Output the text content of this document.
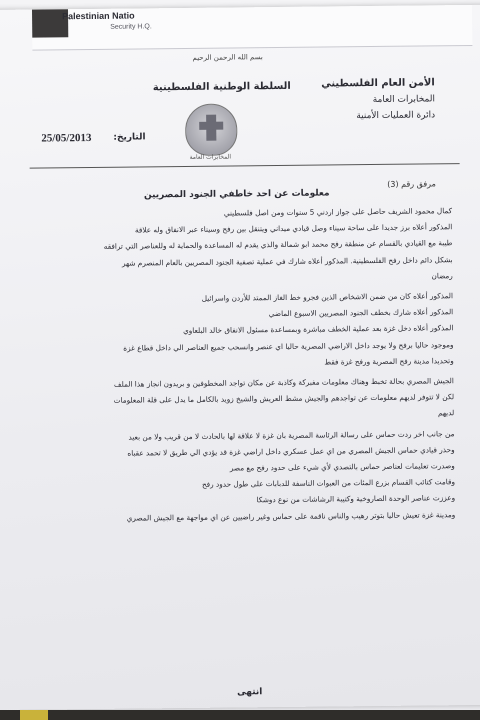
Palestinian Natio
Security H.Q.
بسم الله الرحمن الرحيم
الأمن العام الفلسطيني
المخابرات العامة
دائرة العمليات الأمنية
السلطة الوطنية الفلسطينية
المخابرات العامة
التاريخ:
25/05/2013
مرفق رقم (3)
معلومات عن احد خاطفي الجنود المصريين

كمال محمود الشريف حاصل على جواز اردني 5 سنوات ومن اصل فلسطيني

المذكور أعلاه برز جديدا على ساحة سيناء وصل قيادي ميداني ويتنقل بين رفح وسيناء عبر الانفاق وله علاقة

طيبة مع القيادي بالقسام عن منطقة رفح محمد ابو شمالة والذي يقدم له المساعدة والحماية له وللعناصر التي ترافقه

بشكل دائم داخل رفح الفلسطينية. المذكور أعلاه شارك في عملية تصفية الجنود المصريين بالعام المنصرم شهر

رمضان

المذكور أعلاه كان من ضمن الاشخاص الذين فجرو خط الغاز الممتد للأردن واسرائيل

المذكور أعلاه شارك بخطف الجنود المصريين الاسبوع الماضي

المذكور أعلاه دخل غزة بعد عملية الخطف مباشرة وبمساعدة مسئول الانفاق خالد البلعاوي

وموجود حاليا برفح ولا يوجد داخل الاراضي المصرية حاليا اي عنصر وانسحب جميع العناصر الي داخل قطاع غزة

وتحديدا مدينة رفح المصرية ورفح غزة فقط

الجيش المصري بحالة تخبط وهناك معلومات مفبركة وكاذبة عن مكان تواجد المخطوفين و بريدون انجاز هذا الملف

لكن لا تتوفر لديهم معلومات عن تواجدهم والجيش مشط العريش والشيخ زويد بالكامل ما يدل على قلة المعلومات

لديهم

من جانب اخر ردت حماس على رسالة الرئاسة المصرية بان غزة لا علاقة لها بالحادث لا من قريب ولا من بعيد

وحذر قيادي حماس الجيش المصري من اي عمل عسكري داخل اراضي غزة قد يؤدي الي طريق لا تحمد عقباه

وصدرت تعليمات لعناصر حماس بالتصدي لأي شيء على حدود رفح مع مصر

وقامت كتائب القسام بزرع المئات من العبوات الناسفة للدبابات على طول حدود رفح

وعززت عناصر الوحدة الصاروخية وكتيبة الرشاشات من نوع دوشكا

ومدينة غزة تعيش حاليا بتوتر رهيب والناس ناقمة على حماس وغير راضيين عن اي مواجهة مع الجيش المصري

انتهى
